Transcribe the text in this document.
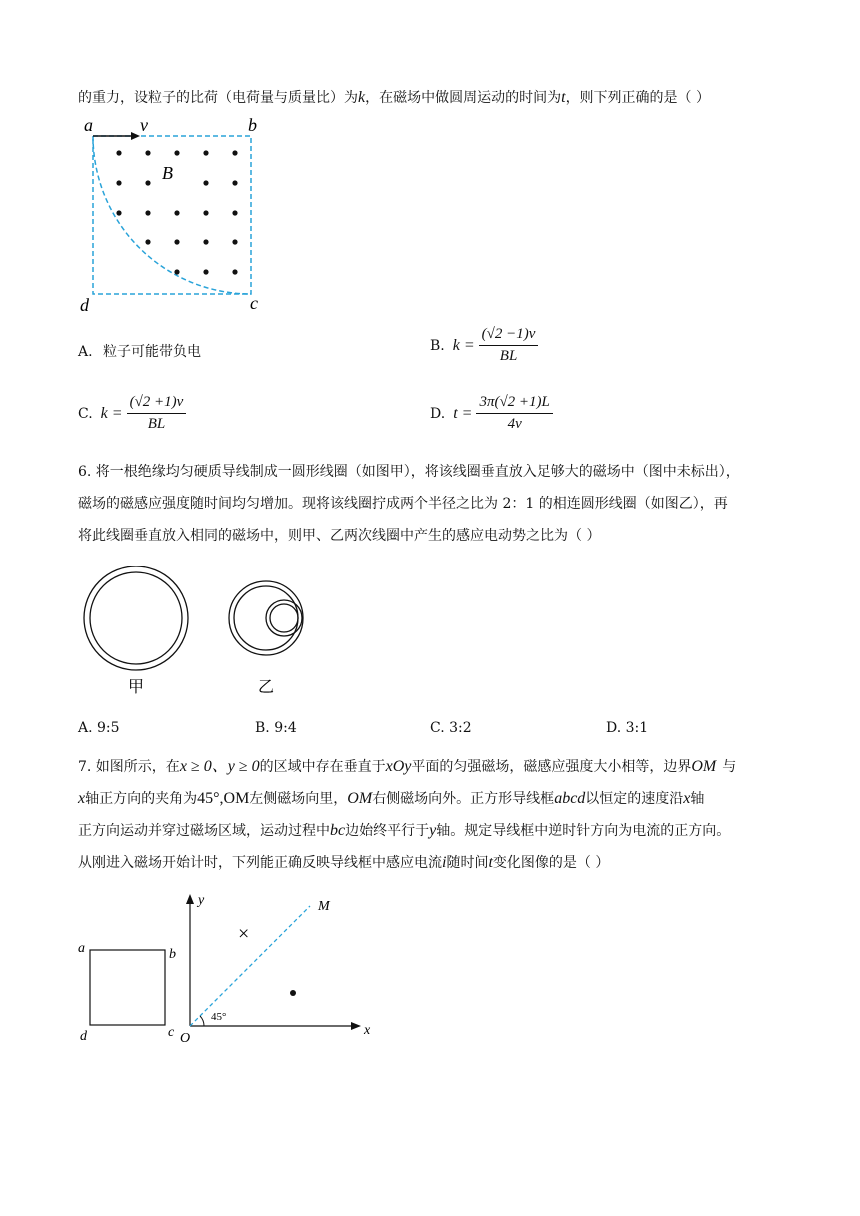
的重力，设粒子的比荷（电荷量与质量比）为k，在磁场中做圆周运动的时间为t，则下列正确的是（ ）
a	v	b
d	c
B
A. 粒子可能带负电	B. $k = \frac{(√2 -1)v}{BL}$
C. $k = \frac{(√2 +1)v}{BL}$	D. $t = \frac{3\pi(√2 +1)L}{4v}$
6. 将一根绝缘均匀硬质导线制成一圆形线圈（如图甲），将该线圈垂直放入足够大的磁场中（图中未标出），
磁场的磁感应强度随时间均匀增加。现将该线圈拧成两个半径之比为 2：1 的相连圆形线圈（如图乙），再
将此线圈垂直放入相同的磁场中，则甲、乙两次线圈中产生的感应电动势之比为（ ）
甲	乙
A. 9:5	B. 9:4	C. 3:2	D. 3:1
7. 如图所示，在x ≥ 0、y ≥ 0的区域中存在垂直于xOy平面的匀强磁场，磁感应强度大小相等，边界OM 与
x轴正方向的夹角为45°,OM左侧磁场向里，OM右侧磁场向外。正方形导线框abcd以恒定的速度沿x轴
正方向运动并穿过磁场区域，运动过程中bc边始终平行于y轴。规定导线框中逆时针方向为电流的正方向。
从刚进入磁场开始计时，下列能正确反映导线框中感应电流i随时间t变化图像的是（ ）
a	b
d	c
y
x
O
M
45°
×
